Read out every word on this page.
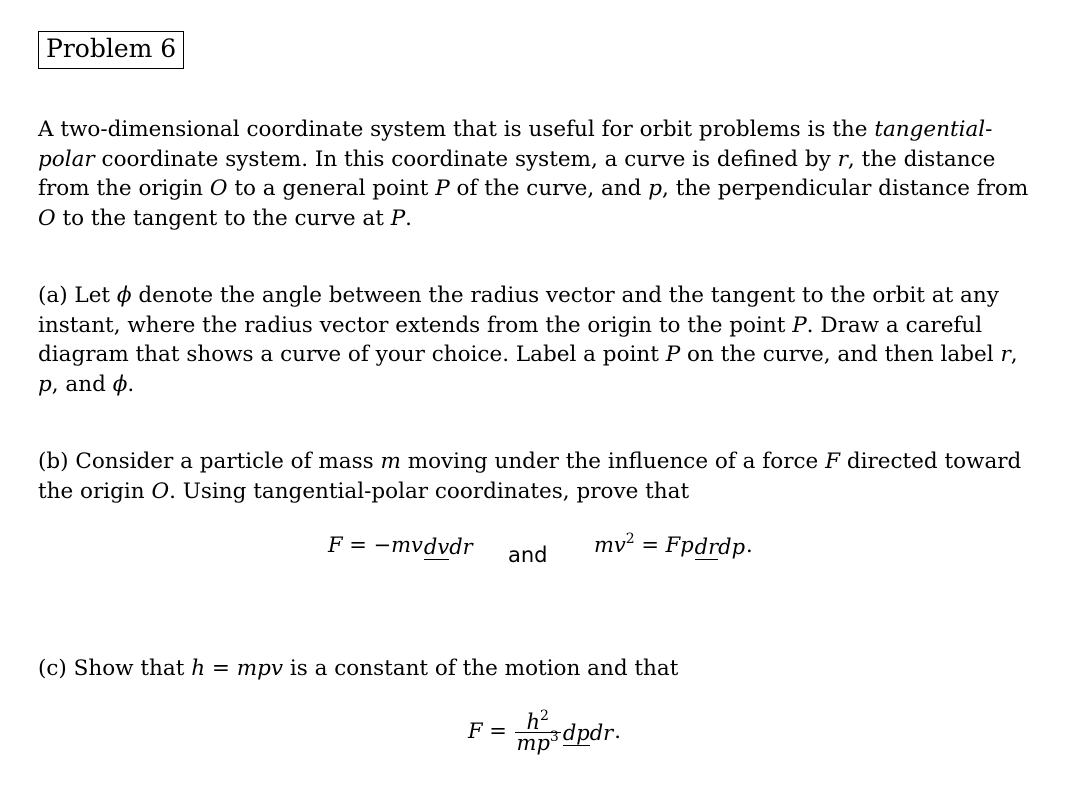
Problem 6

A two-dimensional coordinate system that is useful for orbit problems is the tangential-polar coordinate system. In this coordinate system, a curve is defined by r, the distance from the origin O to a general point P of the curve, and p, the perpendicular distance from O to the tangent to the curve at P.

(a) Let ϕ denote the angle between the radius vector and the tangent to the orbit at any instant, where the radius vector extends from the origin to the point P. Draw a careful diagram that shows a curve of your choice. Label a point P on the curve, and then label r, p, and ϕ.

(b) Consider a particle of mass m moving under the influence of a force F directed toward the origin O. Using tangential-polar coordinates, prove that

F = −mvdvdr and $mv^2$ = Fpdrdp.

(c) Show that h = mpv is a constant of the motion and that

$F = \frac{h^2}{mp^3}$ dpdr.
